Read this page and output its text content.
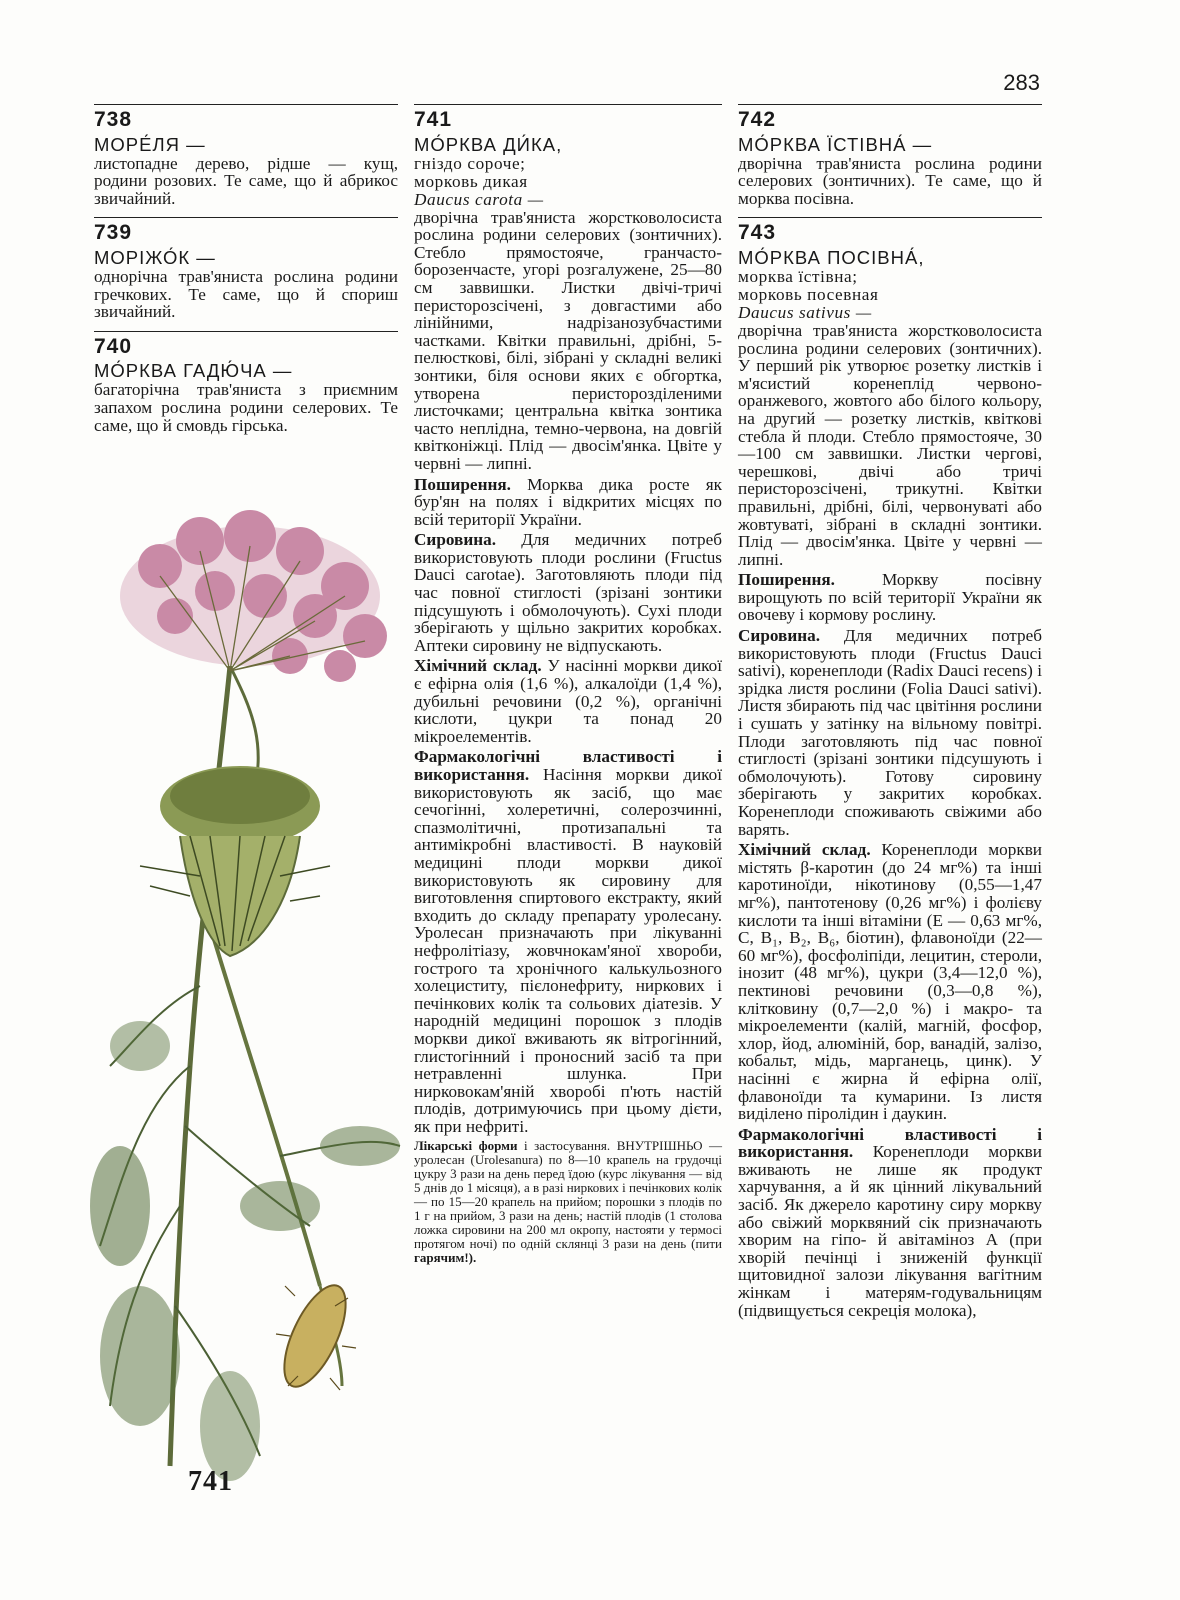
283
738
МОРЕ́ЛЯ —

листопадне дерево, рідше — кущ, родини розових. Те саме, що й абрикос звичайний.

739
МОРІЖО́К —

однорічна трав'яниста рослина родини гречкових. Те саме, що й спориш звичайний.

740
МО́РКВА ГАДЮ́ЧА —

багаторічна трав'яниста з приємним запахом рослина родини селерових. Те саме, що й смовдь гірська.

741
741
МО́РКВА ДИ́КА,
гніздо сороче;
морковь дикая
Daucus carota —

дворічна трав'яниста жорстковолосиста рослина родини селерових (зонтичних). Стебло прямостояче, гранчасто-борозенчасте, угорі розгалужене, 25—80 см заввишки. Листки двічі-тричі перисторозсічені, з довгастими або лінійними, надрізанозубчастими частками. Квітки правильні, дрібні, 5-пелюсткові, білі, зібрані у складні великі зонтики, біля основи яких є обгортка, утворена перисторозділеними листочками; центральна квітка зонтика часто неплідна, темно-червона, на довгій квітконіжці. Плід — двосім'янка. Цвіте у червні — липні.

Поширення. Морква дика росте як бур'ян на полях і відкритих місцях по всій території України.

Сировина. Для медичних потреб використовують плоди рослини (Fructus Dauci carotae). Заготовляють плоди під час повної стиглості (зрізані зонтики підсушують і обмолочують). Сухі плоди зберігають у щільно закритих коробках. Аптеки сировину не відпускають.

Хімічний склад. У насінні моркви дикої є ефірна олія (1,6 %), алкалоїди (1,4 %), дубильні речовини (0,2 %), органічні кислоти, цукри та понад 20 мікроелементів.

Фармакологічні властивості і використання. Насіння моркви дикої використовують як засіб, що має сечогінні, холеретичні, солерозчинні, спазмолітичні, протизапальні та антимікробні властивості. В науковій медицині плоди моркви дикої використовують як сировину для виготовлення спиртового екстракту, який входить до складу препарату уролесану. Уролесан призначають при лікуванні нефролітіазу, жовчнокам'яної хвороби, гострого та хронічного калькульозного холециститу, пієлонефриту, ниркових і печінкових колік та сольових діатезів. У народній медицині порошок з плодів моркви дикої вживають як вітрогінний, глистогінний і проносний засіб та при нетравленні шлунка. При нирковокам'яній хворобі п'ють настій плодів, дотримуючись при цьому дієти, як при нефриті.

Лікарські форми і застосування. ВНУТРІШНЬО — уролесан (Urolesanura) по 8—10 крапель на грудочці цукру 3 рази на день перед їдою (курс лікування — від 5 днів до 1 місяця), а в разі ниркових і печінкових колік — по 15—20 крапель на прийом; порошки з плодів по 1 г на прийом, 3 рази на день; настій плодів (1 столова ложка сировини на 200 мл окропу, настояти у термосі протягом ночі) по одній склянці 3 рази на день (пити гарячим!).

742
МО́РКВА ЇСТІВНА́ —

дворічна трав'яниста рослина родини селерових (зонтичних). Те саме, що й морква посівна.

743
МО́РКВА ПОСІВНА́,
морква їстівна;
морковь посевная
Daucus sativus —

дворічна трав'яниста жорстковолосиста рослина родини селерових (зонтичних). У перший рік утворює розетку листків і м'ясистий коренеплід червоно-оранжевого, жовтого або білого кольору, на другий — розетку листків, квіткові стебла й плоди. Стебло прямостояче, 30—100 см заввишки. Листки чергові, черешкові, двічі або тричі перисторозсічені, трикутні. Квітки правильні, дрібні, білі, червонуваті або жовтуваті, зібрані в складні зонтики. Плід — двосім'янка. Цвіте у червні — липні.

Поширення.	Моркву посівну вирощують по всій території України як овочеву і кормову рослину.

Сировина. Для медичних потреб використовують плоди (Fructus Dauci sativi), коренеплоди (Radix Dauci recens) і зрідка листя рослини (Folia Dauci sativi). Листя збирають під час цвітіння рослини і сушать у затінку на вільному повітрі. Плоди заготовляють під час повної стиглості (зрізані зонтики підсушують і обмолочують). Готову сировину зберігають у закритих коробках. Коренеплоди споживають свіжими або варять.

Хімічний склад. Коренеплоди моркви містять β-каротин (до 24 мг%) та інші каротиноїди, нікотинову (0,55—1,47 мг%), пантотенову (0,26 мг%) і фолієву кислоти та інші вітаміни (Е — 0,63 мг%, С, B₁, B₂, B₆, біотин), флавоноїди (22—60 мг%), фосфоліпіди, лецитин, стероли, інозит (48 мг%), цукри (3,4—12,0 %), пектинові речовини (0,3—0,8 %), клітковину (0,7—2,0 %) і макро- та мікроелементи (калій, магній, фосфор, хлор, йод, алюміній, бор, ванадій, залізо, кобальт, мідь, марганець, цинк). У насінні є жирна й ефірна олії, флавоноїди та кумарини. Із листя виділено піролідин і даукин.

Фармакологічні властивості і використання. Коренеплоди моркви вживають не лише як продукт харчування, а й як цінний лікувальний засіб. Як джерело каротину сиру моркву або свіжий морквяний сік призначають хворим на гіпо- й авітаміноз А (при хворій печінці і зниженій функції щитовидної залози лікування вагітним жінкам і матерям-годувальницям (підвищується секреція молока),
